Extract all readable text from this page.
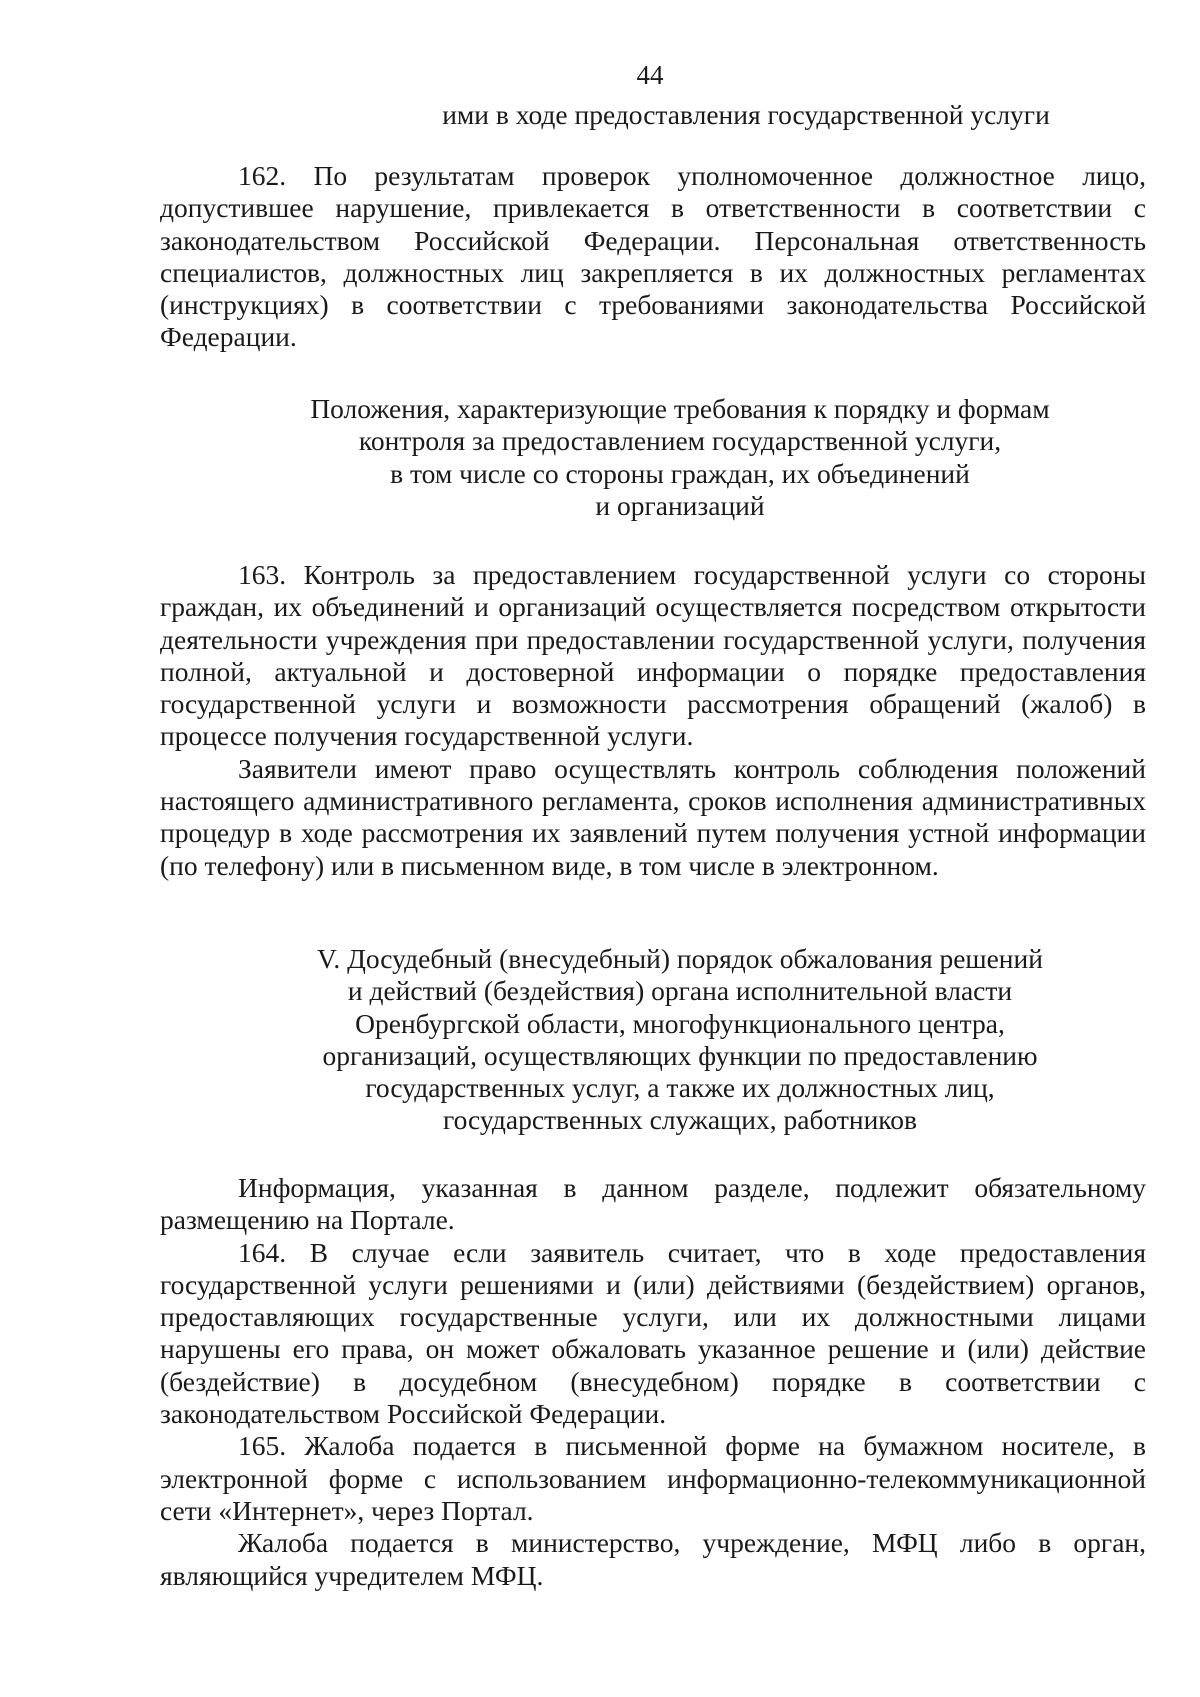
44
ими в ходе предоставления государственной услуги
162. По результатам проверок уполномоченное должностное лицо, допустившее нарушение, привлекается в ответственности в соответствии с законодательством Российской Федерации. Персональная ответственность специалистов, должностных лиц закрепляется в их должностных регламентах (инструкциях) в соответствии с требованиями законодательства Российской Федерации.
Положения, характеризующие требования к порядку и формам
контроля за предоставлением государственной услуги,
в том числе со стороны граждан, их объединений
и организаций
163. Контроль за предоставлением государственной услуги со стороны граждан, их объединений и организаций осуществляется посредством открытости деятельности учреждения при предоставлении государственной услуги, получения полной, актуальной и достоверной информации о порядке предоставления государственной услуги и возможности рассмотрения обращений (жалоб) в процессе получения государственной услуги.
Заявители имеют право осуществлять контроль соблюдения положений настоящего административного регламента, сроков исполнения административных процедур в ходе рассмотрения их заявлений путем получения устной информации (по телефону) или в письменном виде, в том числе в электронном.
V. Досудебный (внесудебный) порядок обжалования решений
и действий (бездействия) органа исполнительной власти
Оренбургской области, многофункционального центра,
организаций, осуществляющих функции по предоставлению
государственных услуг, а также их должностных лиц,
государственных служащих, работников
Информация, указанная в данном разделе, подлежит обязательному размещению на Портале.
164. В случае если заявитель считает, что в ходе предоставления государственной услуги решениями и (или) действиями (бездействием) органов, предоставляющих государственные услуги, или их должностными лицами нарушены его права, он может обжаловать указанное решение и (или) действие (бездействие) в досудебном (внесудебном) порядке в соответствии с законодательством Российской Федерации.
165. Жалоба подается в письменной форме на бумажном носителе, в электронной форме с использованием информационно-телекоммуникационной сети «Интернет», через Портал.
Жалоба подается в министерство, учреждение, МФЦ либо в орган, являющийся учредителем МФЦ.
